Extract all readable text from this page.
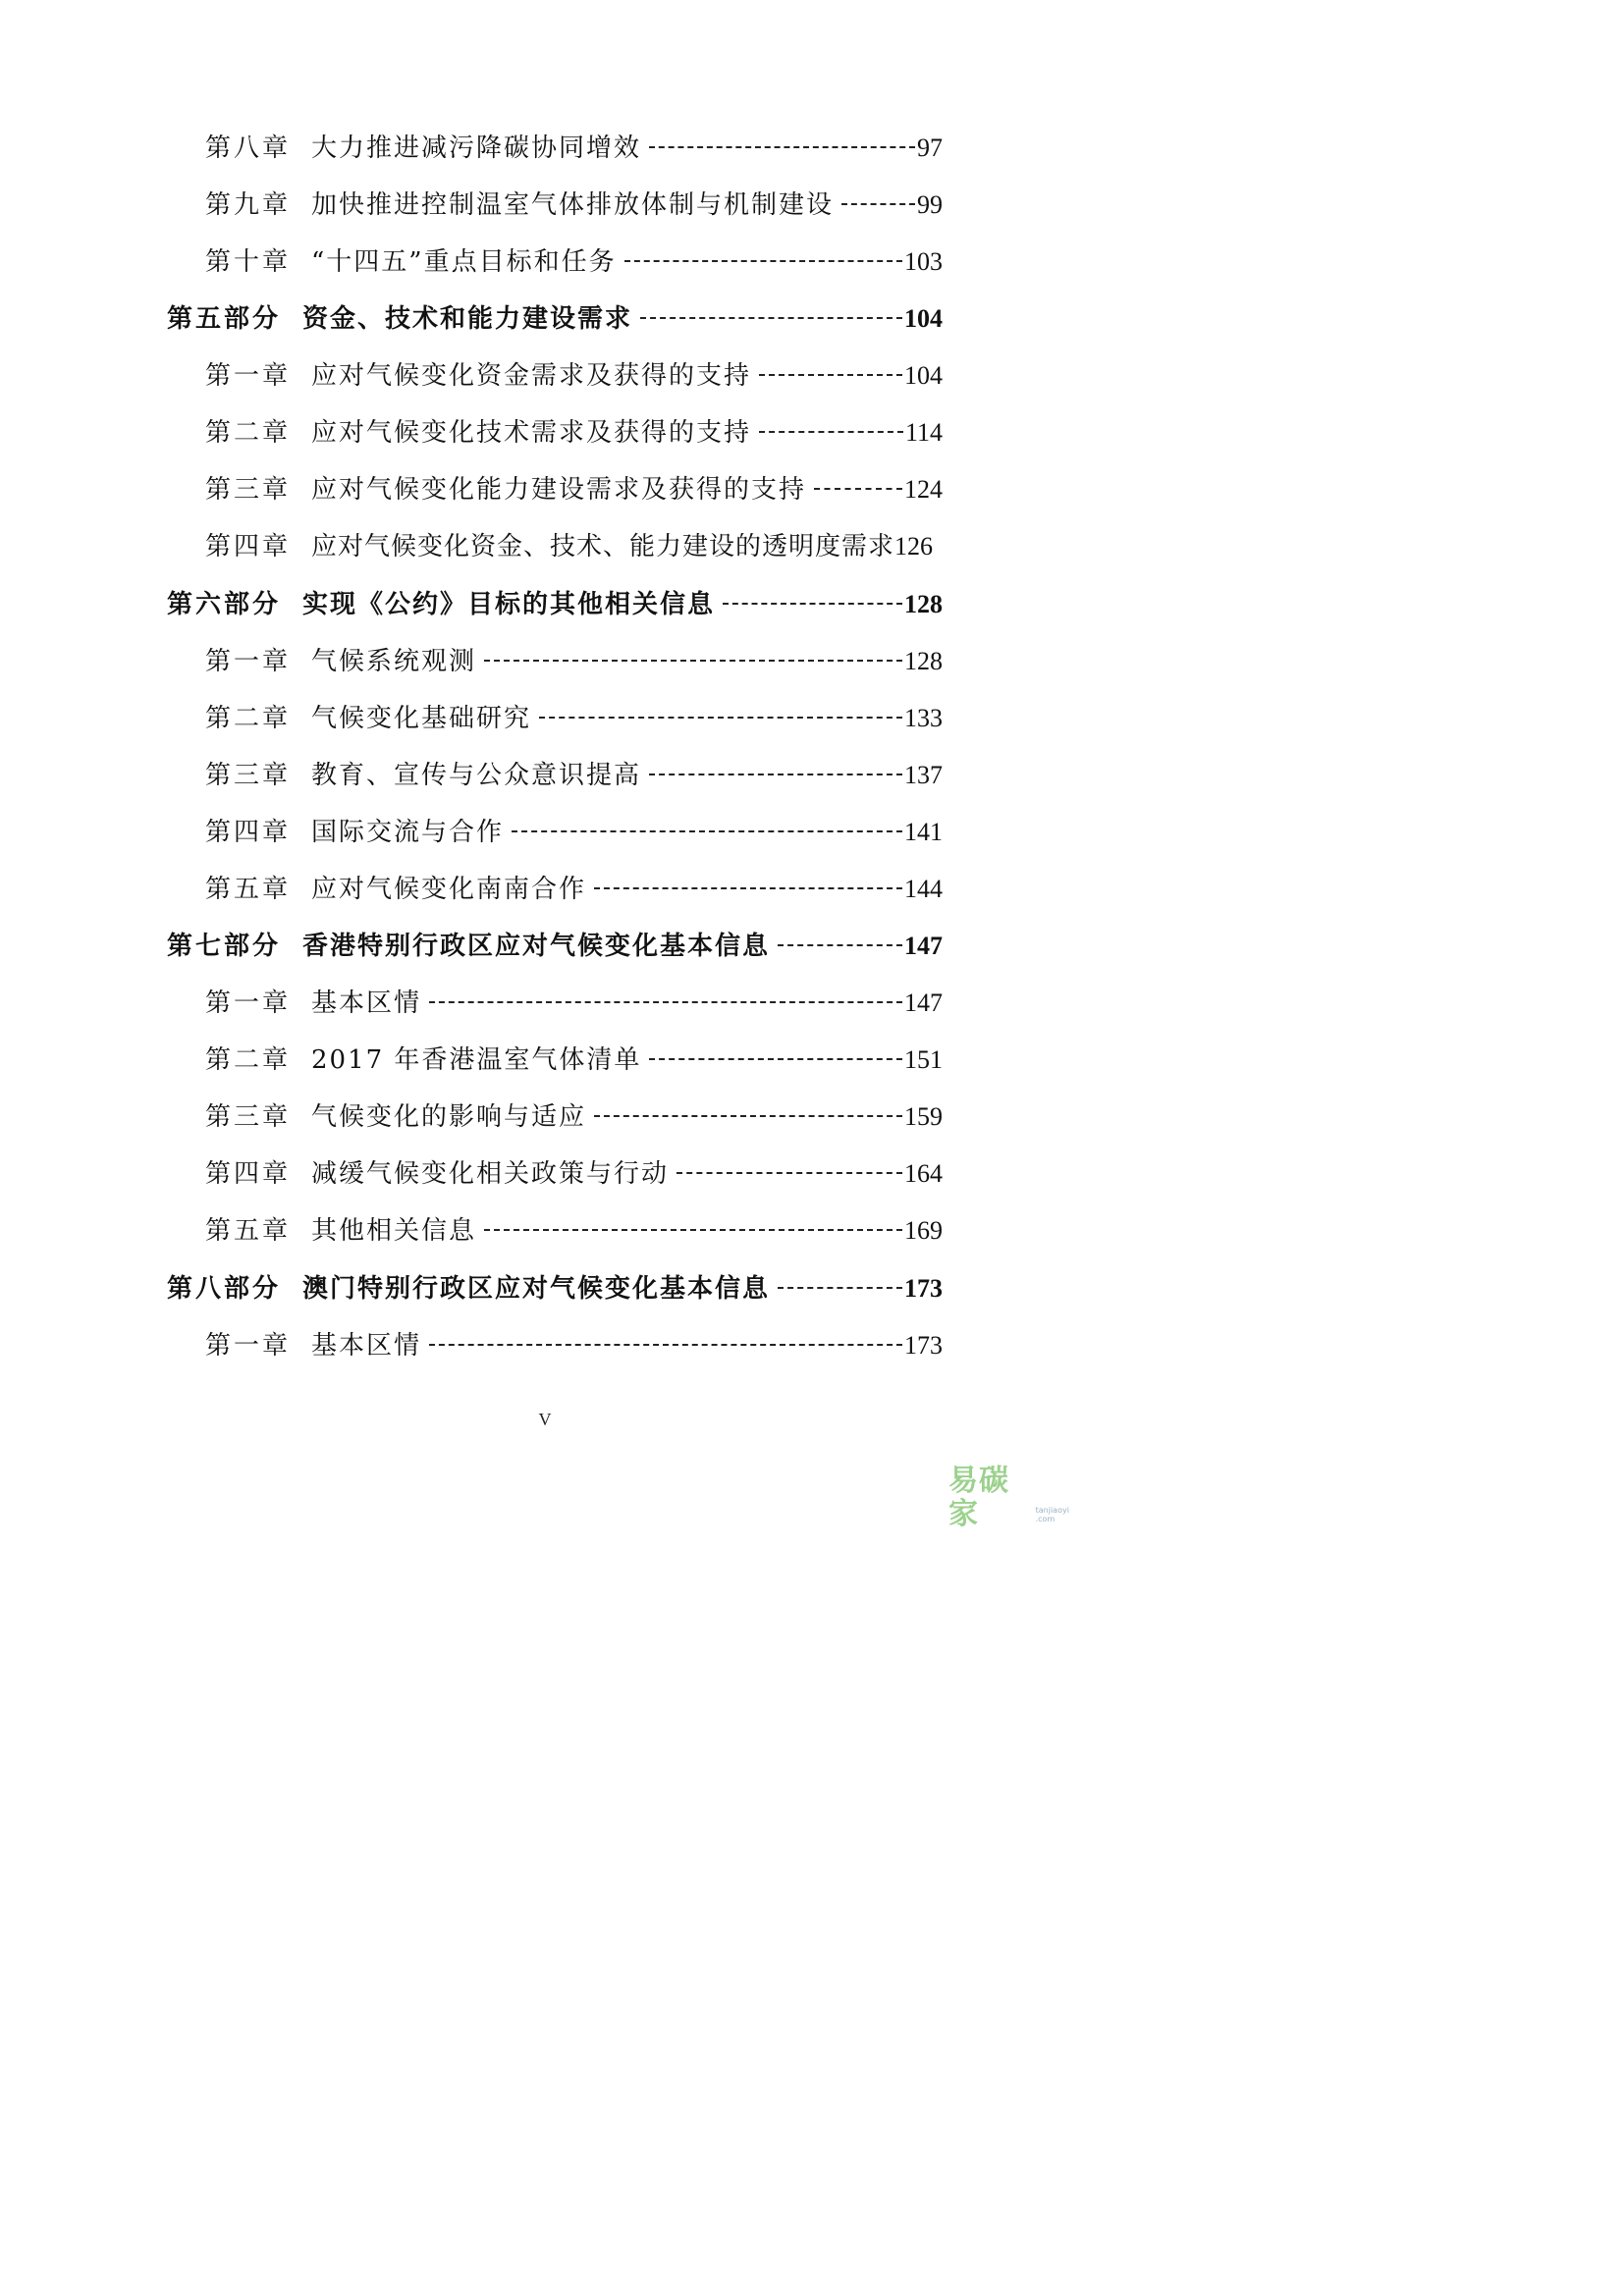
第八章 大力推进减污降碳协同增效	97
第九章 加快推进控制温室气体排放体制与机制建设	99
第十章 “十四五”重点目标和任务	103
第五部分 资金、技术和能力建设需求	104
第一章 应对气候变化资金需求及获得的支持	104
第二章 应对气候变化技术需求及获得的支持	114
第三章 应对气候变化能力建设需求及获得的支持	124
第四章 应对气候变化资金、技术、能力建设的透明度需求 126
第六部分 实现《公约》目标的其他相关信息	128
第一章 气候系统观测	128
第二章 气候变化基础研究	133
第三章 教育、宣传与公众意识提高	137
第四章 国际交流与合作	141
第五章 应对气候变化南南合作	144
第七部分 香港特别行政区应对气候变化基本信息	147
第一章 基本区情	147
第二章 2017 年香港温室气体清单	151
第三章 气候变化的影响与适应	159
第四章 减缓气候变化相关政策与行动	164
第五章 其他相关信息	169
第八部分 澳门特别行政区应对气候变化基本信息	173
第一章 基本区情	173
V
易碳家	tanjiaoyi .com
